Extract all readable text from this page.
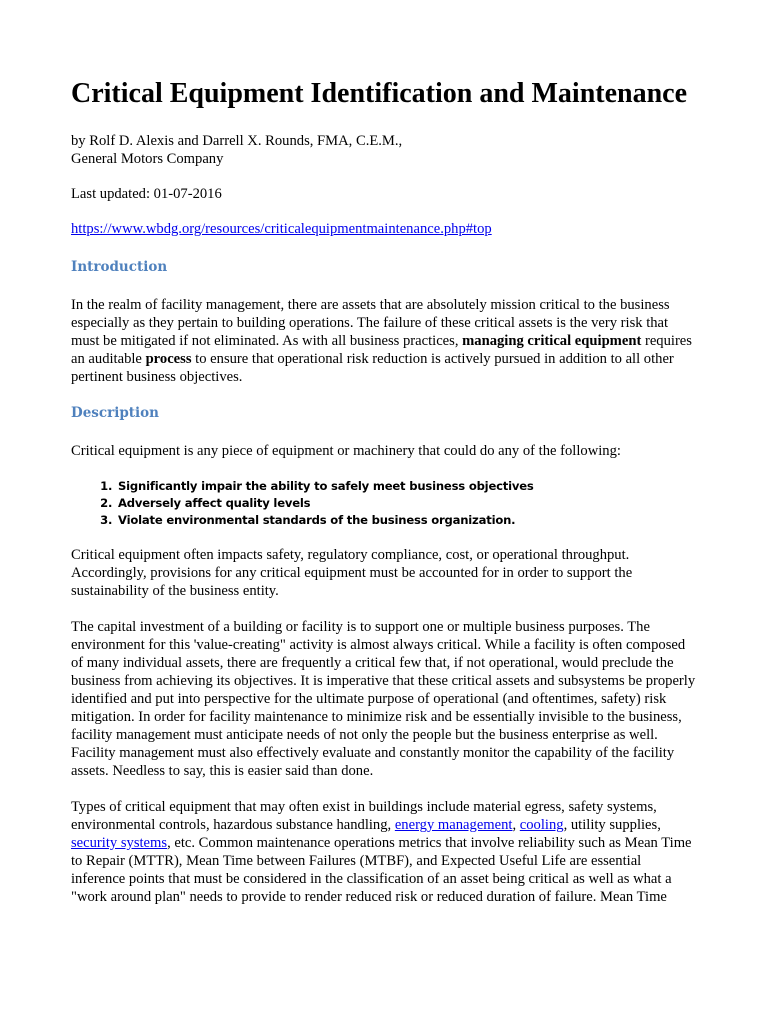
Critical Equipment Identification and Maintenance

by Rolf D. Alexis and Darrell X. Rounds, FMA, C.E.M.,
General Motors Company

Last updated: 01-07-2016

https://www.wbdg.org/resources/criticalequipmentmaintenance.php#top

Introduction

In the realm of facility management, there are assets that are absolutely mission critical to the business especially as they pertain to building operations. The failure of these critical assets is the very risk that must be mitigated if not eliminated. As with all business practices, managing critical equipment requires an auditable process to ensure that operational risk reduction is actively pursued in addition to all other pertinent business objectives.

Description

Critical equipment is any piece of equipment or machinery that could do any of the following:

1. Significantly impair the ability to safely meet business objectives
2. Adversely affect quality levels
3. Violate environmental standards of the business organization.

Critical equipment often impacts safety, regulatory compliance, cost, or operational throughput. Accordingly, provisions for any critical equipment must be accounted for in order to support the sustainability of the business entity.

The capital investment of a building or facility is to support one or multiple business purposes. The environment for this 'value-creating" activity is almost always critical. While a facility is often composed of many individual assets, there are frequently a critical few that, if not operational, would preclude the business from achieving its objectives. It is imperative that these critical assets and subsystems be properly identified and put into perspective for the ultimate purpose of operational (and oftentimes, safety) risk mitigation. In order for facility maintenance to minimize risk and be essentially invisible to the business, facility management must anticipate needs of not only the people but the business enterprise as well. Facility management must also effectively evaluate and constantly monitor the capability of the facility assets. Needless to say, this is easier said than done.

Types of critical equipment that may often exist in buildings include material egress, safety systems, environmental controls, hazardous substance handling, energy management, cooling, utility supplies, security systems, etc. Common maintenance operations metrics that involve reliability such as Mean Time to Repair (MTTR), Mean Time between Failures (MTBF), and Expected Useful Life are essential inference points that must be considered in the classification of an asset being critical as well as what a "work around plan" needs to provide to render reduced risk or reduced duration of failure. Mean Time
